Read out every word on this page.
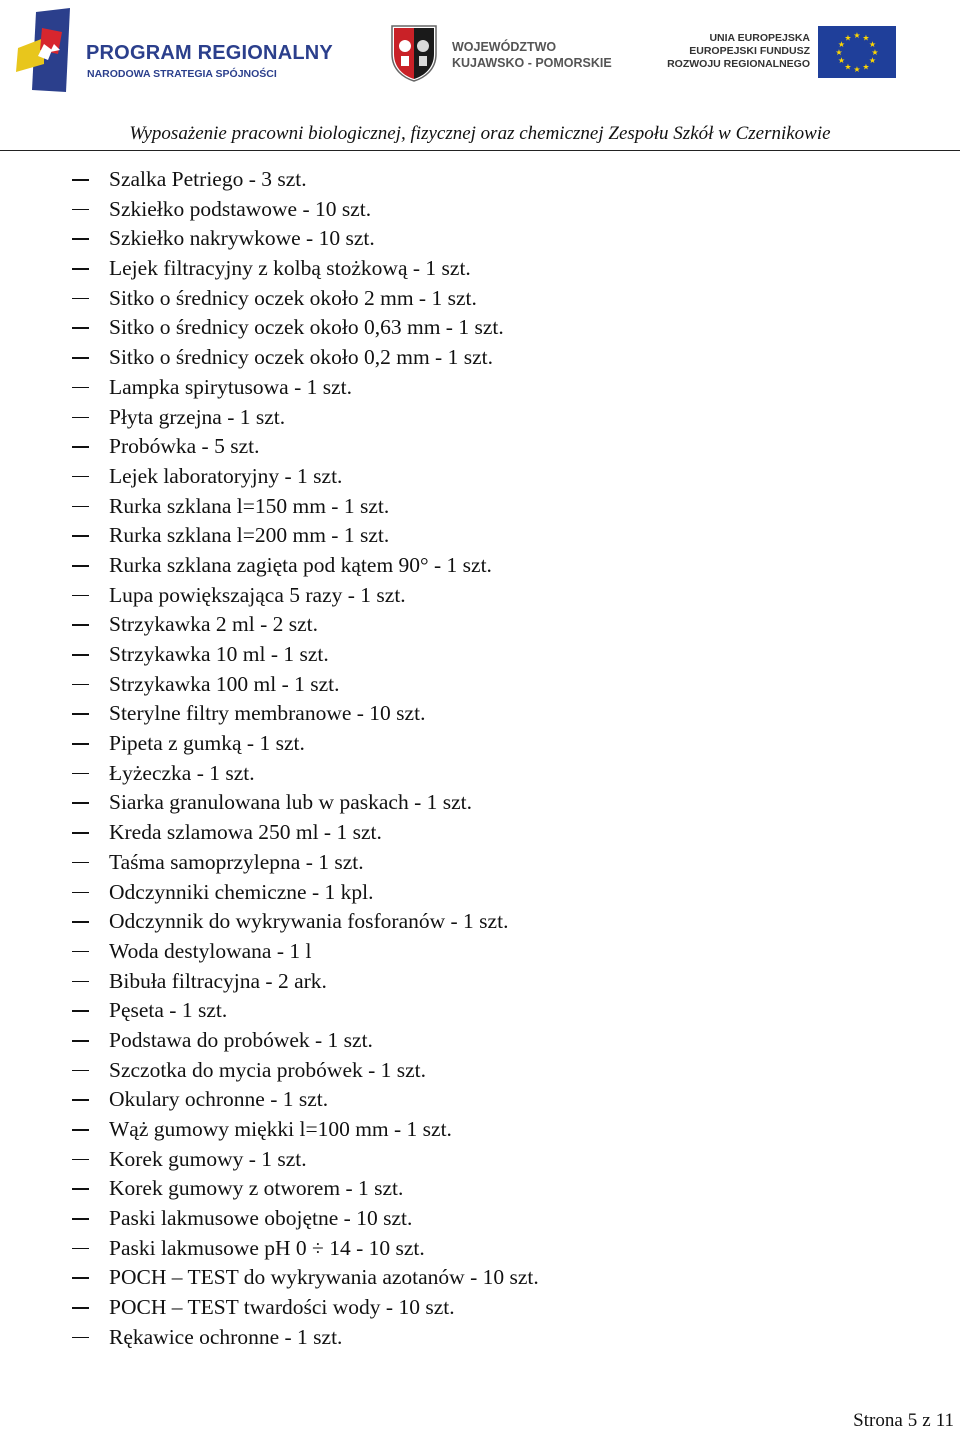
PROGRAM REGIONALNY
NARODOWA STRATEGIA SPÓJNOŚCI
WOJEWÓDZTWO
KUJAWSKO - POMORSKIE
UNIA EUROPEJSKA
EUROPEJSKI FUNDUSZ
ROZWOJU REGIONALNEGO
★ ★
★
★
★
★
★
★
★
★
★
★
Wyposażenie pracowni biologicznej, fizycznej oraz chemicznej Zespołu Szkół w Czernikowie
Szalka Petriego - 3 szt.
Szkiełko podstawowe - 10 szt.
Szkiełko nakrywkowe - 10 szt.
Lejek filtracyjny z kolbą stożkową - 1 szt.
Sitko o średnicy oczek około 2 mm - 1 szt.
Sitko o średnicy oczek około 0,63 mm - 1 szt.
Sitko o średnicy oczek około 0,2 mm - 1 szt.
Lampka spirytusowa - 1 szt.
Płyta grzejna - 1 szt.
Probówka - 5 szt.
Lejek laboratoryjny - 1 szt.
Rurka szklana l=150 mm - 1 szt.
Rurka szklana l=200 mm - 1 szt.
Rurka szklana zagięta pod kątem 90° - 1 szt.
Lupa powiększająca 5 razy - 1 szt.
Strzykawka 2 ml - 2 szt.
Strzykawka 10 ml - 1 szt.
Strzykawka 100 ml - 1 szt.
Sterylne filtry membranowe - 10 szt.
Pipeta z gumką - 1 szt.
Łyżeczka - 1 szt.
Siarka granulowana lub w paskach - 1 szt.
Kreda szlamowa 250 ml - 1 szt.
Taśma samoprzylepna - 1 szt.
Odczynniki chemiczne - 1 kpl.
Odczynnik do wykrywania fosforanów - 1 szt.
Woda destylowana - 1 l
Bibuła filtracyjna - 2 ark.
Pęseta - 1 szt.
Podstawa do probówek - 1 szt.
Szczotka do mycia probówek - 1 szt.
Okulary ochronne - 1 szt.
Wąż gumowy miękki l=100 mm - 1 szt.
Korek gumowy - 1 szt.
Korek gumowy z otworem - 1 szt.
Paski lakmusowe obojętne - 10 szt.
Paski lakmusowe pH 0 ÷ 14 - 10 szt.
POCH – TEST do wykrywania azotanów - 10 szt.
POCH – TEST twardości wody - 10 szt.
Rękawice ochronne - 1 szt.
Strona 5 z 11
